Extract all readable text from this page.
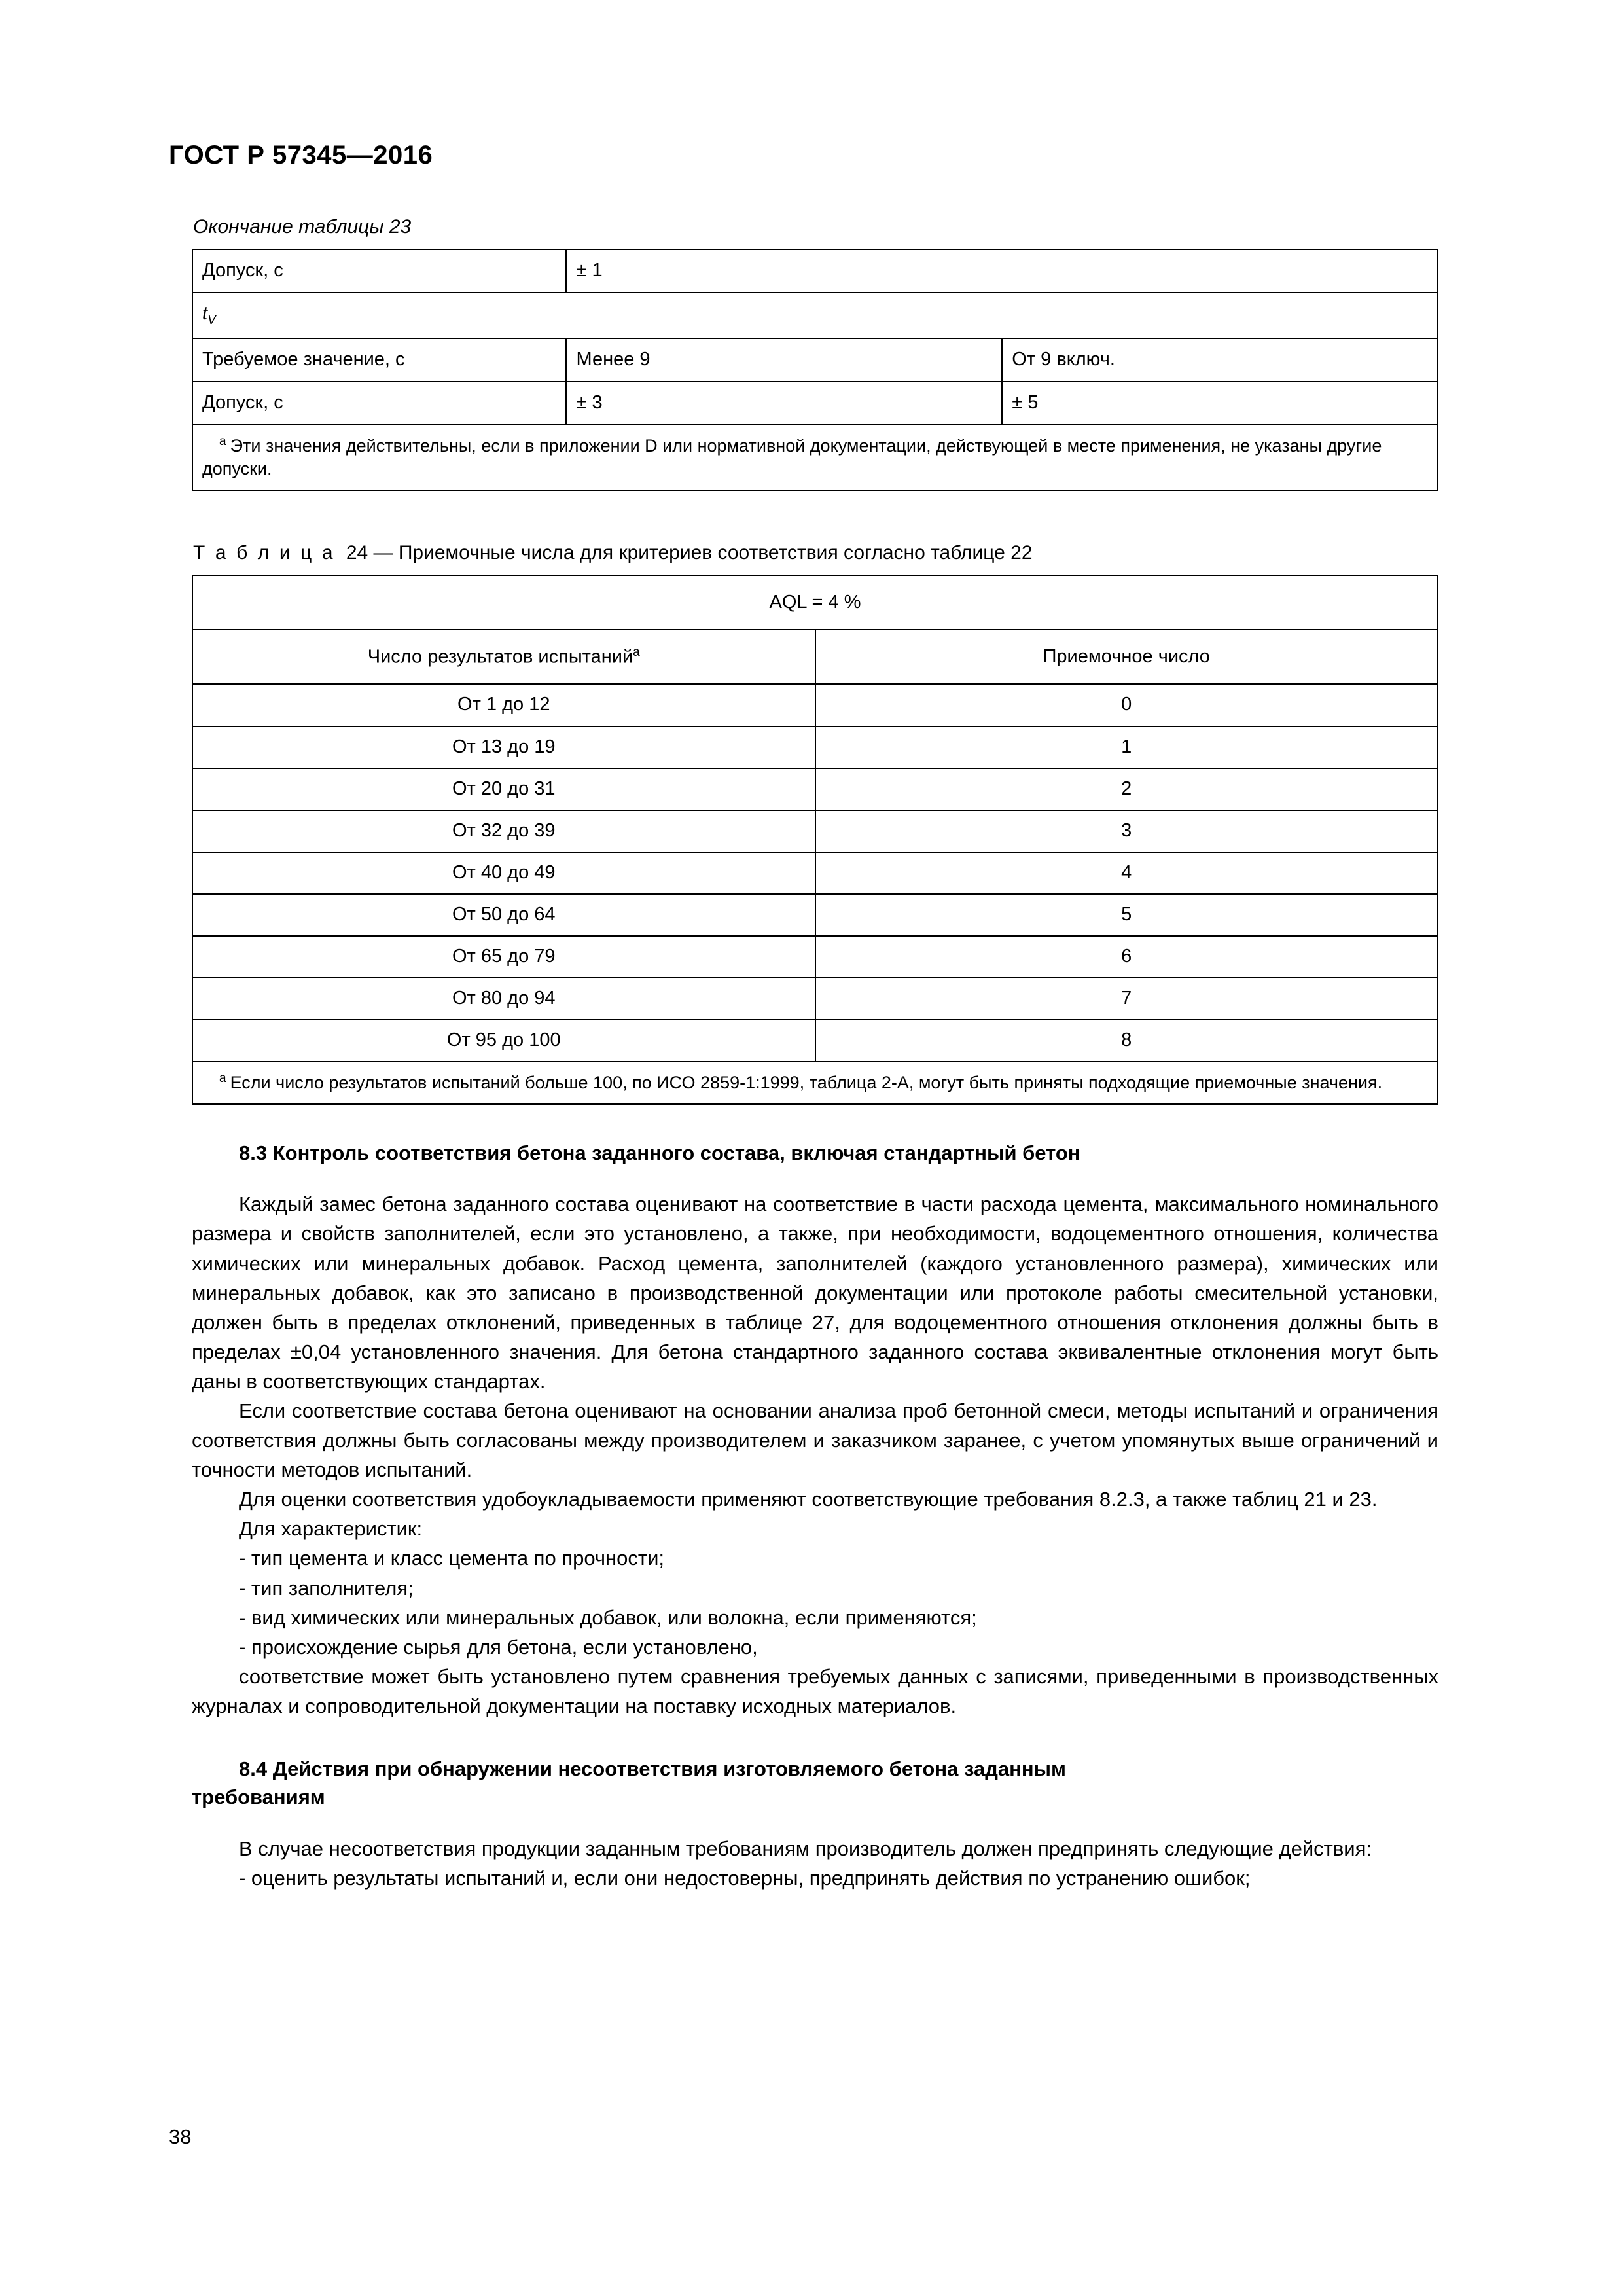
ГОСТ Р 57345—2016
Окончание таблицы 23
Допуск, с	± 1	
$t_V$
Требуемое значение, с	Менее 9	От 9 включ.
Допуск, с	± 3	± 5
$^a$ Эти значения действительны, если в приложении D или нормативной документации, действующей в месте применения, не указаны другие допуски.		
Т а б л и ц а 24 — Приемочные числа для критериев соответствия согласно таблице 22
AQL = 4 %	
Число результатов испытаний$^a$	Приемочное число
От 1 до 12	0
От 13 до 19	1
От 20 до 31	2
От 32 до 39	3
От 40 до 49	4
От 50 до 64	5
От 65 до 79	6
От 80 до 94	7
От 95 до 100	8
$^a$ Если число результатов испытаний больше 100, по ИСО 2859-1:1999, таблица 2-А, могут быть приняты подходящие приемочные значения.	
8.3 Контроль соответствия бетона заданного состава, включая стандартный бетон

Каждый замес бетона заданного состава оценивают на соответствие в части расхода цемента, максимального номинального размера и свойств заполнителей, если это установлено, а также, при необходимости, водоцементного отношения, количества химических или минеральных добавок. Расход цемента, заполнителей (каждого установленного размера), химических или минеральных добавок, как это записано в производственной документации или протоколе работы смесительной установки, должен быть в пределах отклонений, приведенных в таблице 27, для водоцементного отношения отклонения должны быть в пределах ±0,04 установленного значения. Для бетона стандартного заданного состава эквивалентные отклонения могут быть даны в соответствующих стандартах.

Если соответствие состава бетона оценивают на основании анализа проб бетонной смеси, методы испытаний и ограничения соответствия должны быть согласованы между производителем и заказчиком заранее, с учетом упомянутых выше ограничений и точности методов испытаний.

Для оценки соответствия удобоукладываемости применяют соответствующие требования 8.2.3, а также таблиц 21 и 23.

Для характеристик:

- тип цемента и класс цемента по прочности;

- тип заполнителя;

- вид химических или минеральных добавок, или волокна, если применяются;

- происхождение сырья для бетона, если установлено,

соответствие может быть установлено путем сравнения требуемых данных с записями, приведенными в производственных журналах и сопроводительной документации на поставку исходных материалов.

8.4 Действия при обнаружении несоответствия изготовляемого бетона заданным
требованиям

В случае несоответствия продукции заданным требованиям производитель должен предпринять следующие действия:

- оценить результаты испытаний и, если они недостоверны, предпринять действия по устранению ошибок;

38
